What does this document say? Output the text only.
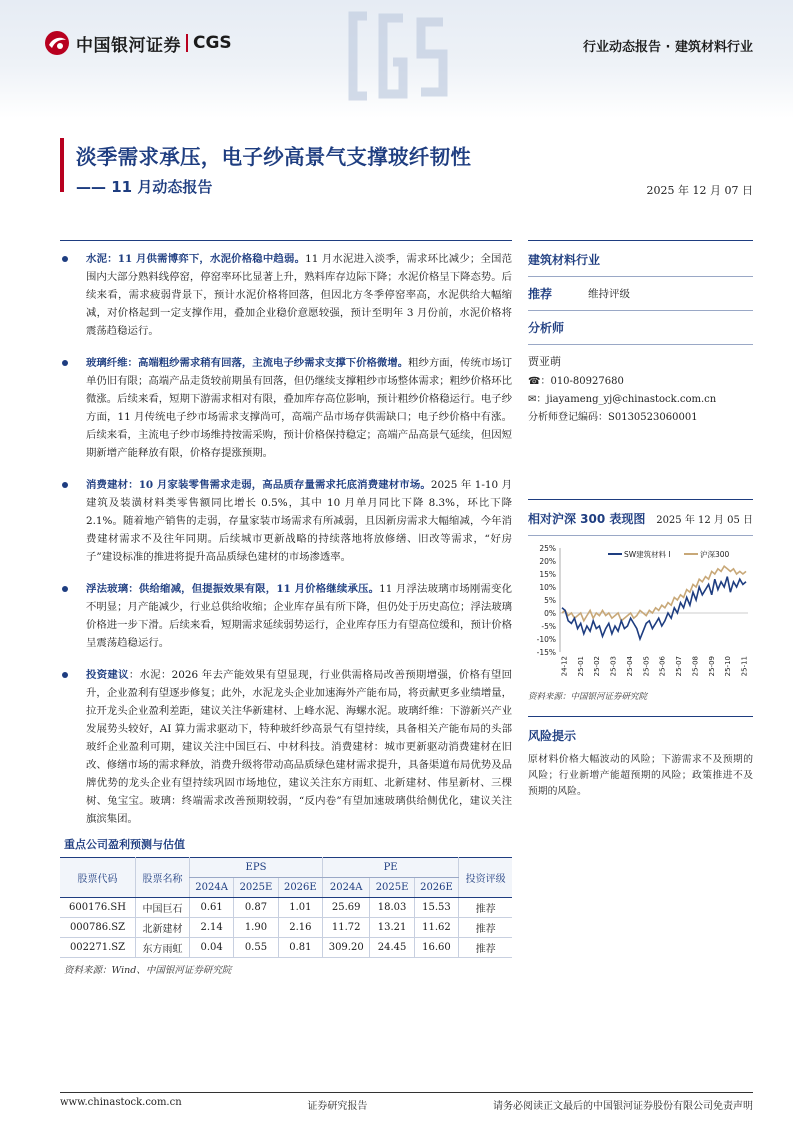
中国银河证券 CGS	行业动态报告 · 建筑材料行业
淡季需求承压，电子纱高景气支撑玻纤韧性
—— 11 月动态报告	2025 年 12 月 07 日
水泥：11 月供需博弈下，水泥价格稳中趋弱。11 月水泥进入淡季，需求环比减少；全国范围内大部分熟料线停窑，停窑率环比显著上升，熟料库存边际下降；水泥价格呈下降态势。后续来看，需求疲弱背景下，预计水泥价格将回落，但因北方冬季停窑率高，水泥供给大幅缩减，对价格起到一定支撑作用，叠加企业稳价意愿较强，预计至明年 3 月份前，水泥价格将震荡趋稳运行。
玻璃纤维：高端粗纱需求稍有回落，主流电子纱需求支撑下价格微增。粗纱方面，传统市场订单仍旧有限；高端产品走货较前期虽有回落，但仍继续支撑粗纱市场整体需求；粗纱价格环比微涨。后续来看，短期下游需求相对有限，叠加库存高位影响，预计粗纱价格稳运行。电子纱方面，11 月传统电子纱市场需求支撑尚可，高端产品市场存供需缺口；电子纱价格中有涨。后续来看，主流电子纱市场维持按需采购，预计价格保持稳定；高端产品高景气延续，但因短期新增产能释放有限，价格存提涨预期。
消费建材：10 月家装零售需求走弱，高品质存量需求托底消费建材市场。2025 年 1-10 月建筑及装潢材料类零售额同比增长 0.5%，其中 10 月单月同比下降 8.3%，环比下降 2.1%。随着地产销售的走弱，存量家装市场需求有所减弱，且因新房需求大幅缩减，今年消费建材需求不及往年同期。后续城市更新战略的持续落地将放修缮、旧改等需求，“好房子”建设标准的推进将提升高品质绿色建材的市场渗透率。
浮法玻璃：供给缩减，但提振效果有限，11 月价格继续承压。11 月浮法玻璃市场刚需变化不明显；月产能减少，行业总供给收缩；企业库存虽有所下降，但仍处于历史高位；浮法玻璃价格进一步下滑。后续来看，短期需求延续弱势运行，企业库存压力有望高位缓和，预计价格呈震荡趋稳运行。
投资建议：水泥：2026 年去产能效果有望显现，行业供需格局改善预期增强，价格有望回升，企业盈利有望逐步修复；此外，水泥龙头企业加速海外产能布局，将贡献更多业绩增量，拉开龙头企业盈利差距，建议关注华新建材、上峰水泥、海螺水泥。玻璃纤维：下游新兴产业发展势头较好，AI 算力需求驱动下，特种玻纤纱高景气有望持续，具备相关产能布局的头部玻纤企业盈利可期，建议关注中国巨石、中材科技。消费建材：城市更新驱动消费建材在旧改、修缮市场的需求释放，消费升级将带动高品质绿色建材需求提升，具备渠道布局优势及品牌优势的龙头企业有望持续巩固市场地位，建议关注东方雨虹、北新建材、伟星新材、三棵树、兔宝宝。玻璃：终端需求改善预期较弱，“反内卷”有望加速玻璃供给侧优化，建议关注旗滨集团。
重点公司盈利预测与估值
股票代码	股票名称	EPS			PE			投资评级
		2024A	2025E	2026E	2024A	2025E	2026E	
600176.SH	中国巨石	0.61	0.87	1.01	25.69	18.03	15.53	推荐
000786.SZ	北新建材	2.14	1.90	2.16	11.72	13.21	11.62	推荐
002271.SZ	东方雨虹	0.04	0.55	0.81	309.20	24.45	16.60	推荐
资料来源：Wind、中国银河证券研究院
建筑材料行业
推荐	维持评级
分析师
贾亚萌
☎：010-80927680
✉：jiayameng_yj@chinastock.com.cn
分析师登记编码：S0130523060001
相对沪深 300 表现图 2025 年 12 月 05 日
25%
20%
15%
10%
5%
0%
-5%
-10%
-15%
24-12 25-01 25-02 25-03 25-04 25-05 25-06 25-07 25-08 25-09 25-10 25-11
SW建筑材料 I	沪深300
资料来源：中国银河证券研究院
风险提示
原材料价格大幅波动的风险；下游需求不及预期的风险；行业新增产能超预期的风险；政策推进不及预期的风险。
www.chinastock.com.cn	证券研究报告	请务必阅读正文最后的中国银河证券股份有限公司免责声明
